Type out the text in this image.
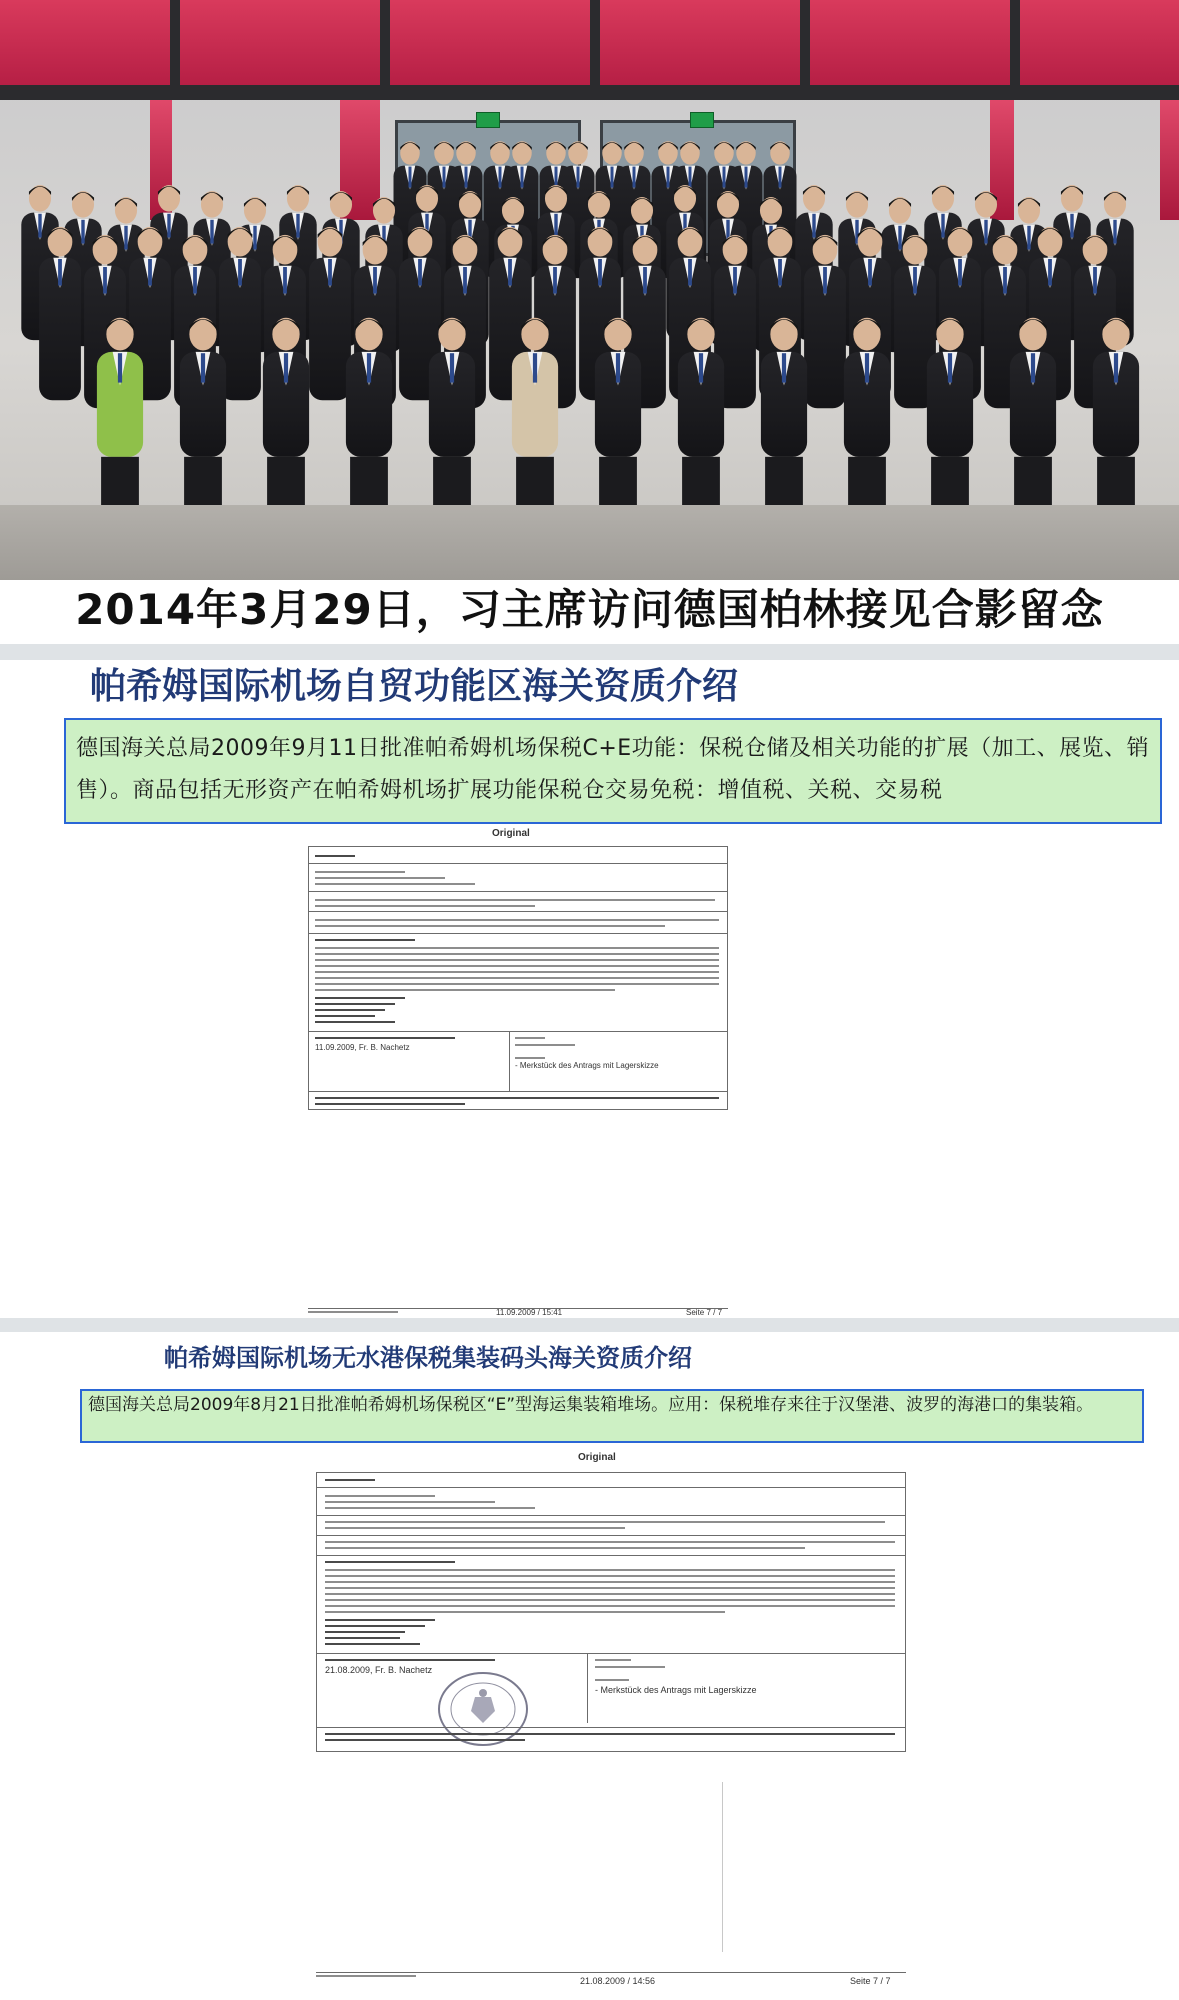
2014年3月29日，习主席访问德国柏林接见合影留念
帕希姆国际机场自贸功能区海关资质介绍
德国海关总局2009年9月11日批准帕希姆机场保税C+E功能：保税仓储及相关功能的扩展（加工、展览、销售）。商品包括无形资产在帕希姆机场扩展功能保税仓交易免税：增值税、关税、交易税
Original
11.09.2009, Fr. B. Nachetz
- Merkstück des Antrags mit Lagerskizze
11.09.2009 / 15:41	Seite 7 / 7
帕希姆国际机场无水港保税集装码头海关资质介绍
德国海关总局2009年8月21日批准帕希姆机场保税区“E”型海运集装箱堆场。应用：保税堆存来往于汉堡港、波罗的海港口的集装箱。
Original
21.08.2009, Fr. B. Nachetz
- Merkstück des Antrags mit Lagerskizze
21.08.2009 / 14:56	Seite 7 / 7
